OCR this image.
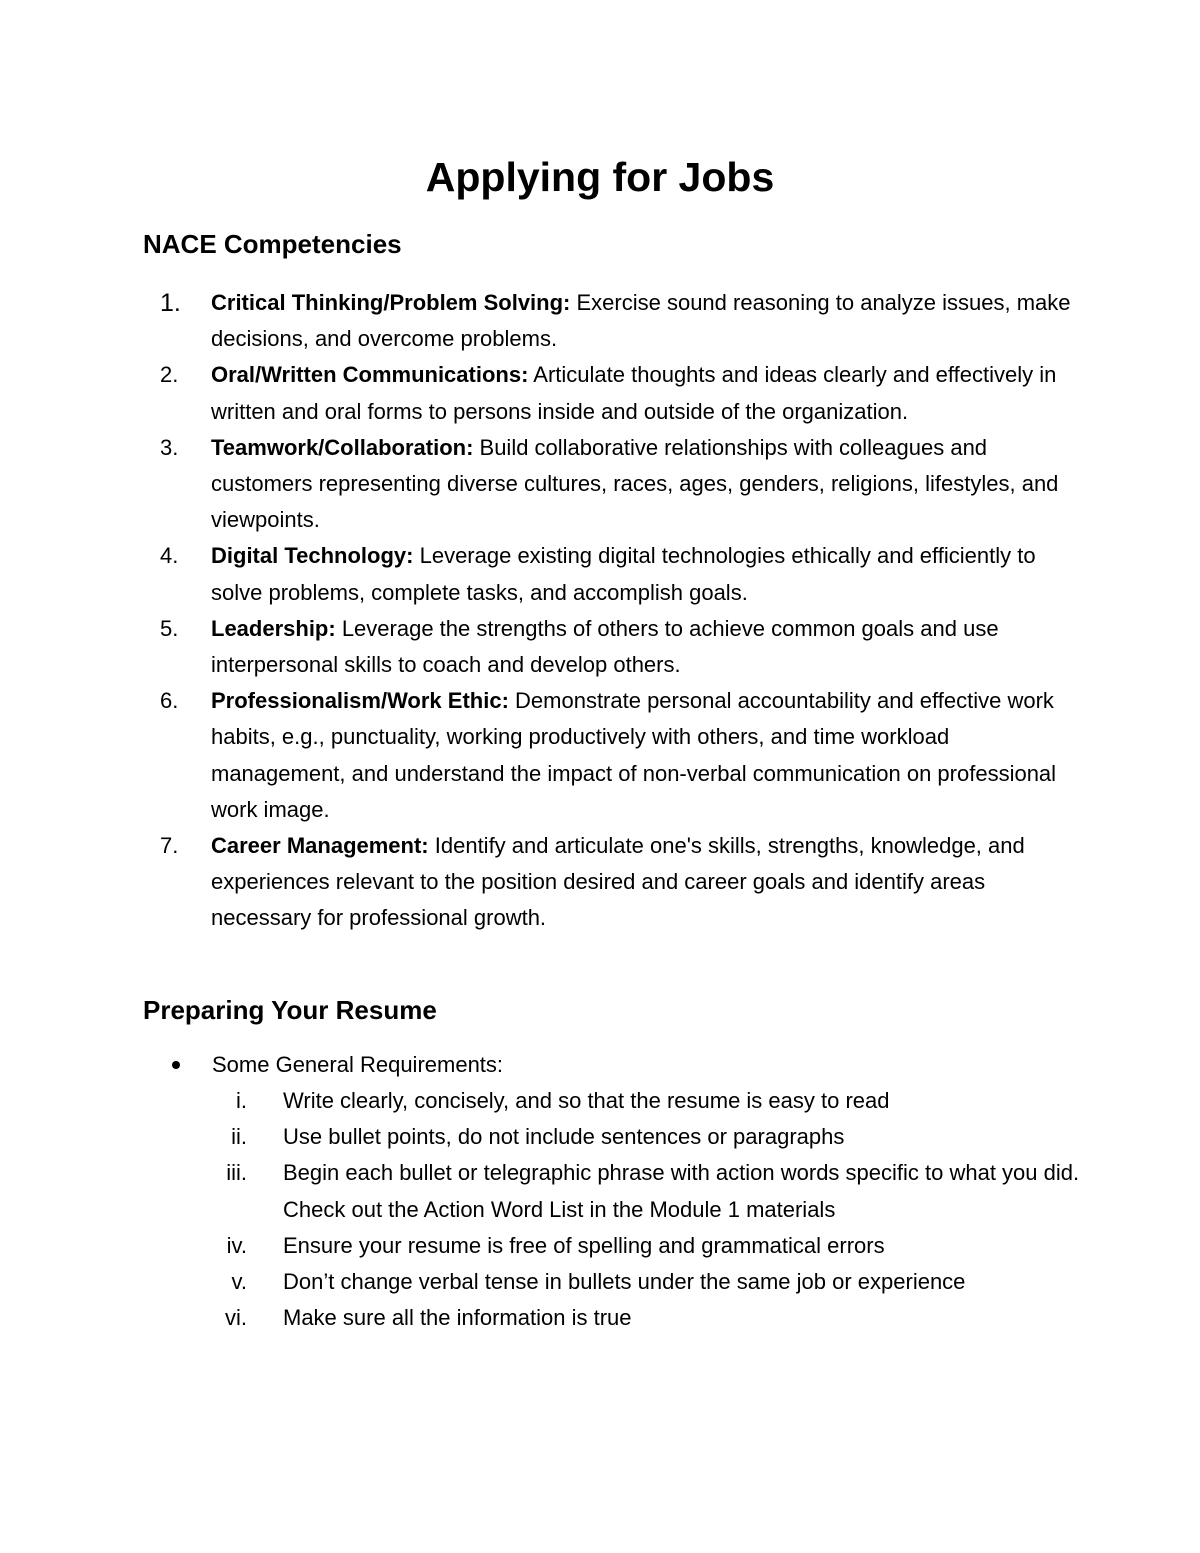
Applying for Jobs
NACE Competencies
1.	Critical Thinking/Problem Solving: Exercise sound reasoning to analyze issues, make decisions, and overcome problems.
2.	Oral/Written Communications: Articulate thoughts and ideas clearly and effectively in written and oral forms to persons inside and outside of the organization.
3.	Teamwork/Collaboration: Build collaborative relationships with colleagues and customers representing diverse cultures, races, ages, genders, religions, lifestyles, and viewpoints.
4.	Digital Technology: Leverage existing digital technologies ethically and efficiently to solve problems, complete tasks, and accomplish goals.
5.	Leadership: Leverage the strengths of others to achieve common goals and use interpersonal skills to coach and develop others.
6.	Professionalism/Work Ethic: Demonstrate personal accountability and effective work habits, e.g., punctuality, working productively with others, and time workload management, and understand the impact of non-verbal communication on professional work image.
7.	Career Management: Identify and articulate one's skills, strengths, knowledge, and experiences relevant to the position desired and career goals and identify areas necessary for professional growth.
Preparing Your Resume
Some General Requirements:
i. Write clearly, concisely, and so that the resume is easy to read
ii. Use bullet points, do not include sentences or paragraphs
iii. Begin each bullet or telegraphic phrase with action words specific to what you did. Check out the Action Word List in the Module 1 materials
iv. Ensure your resume is free of spelling and grammatical errors
v. Don’t change verbal tense in bullets under the same job or experience
vi. Make sure all the information is true
